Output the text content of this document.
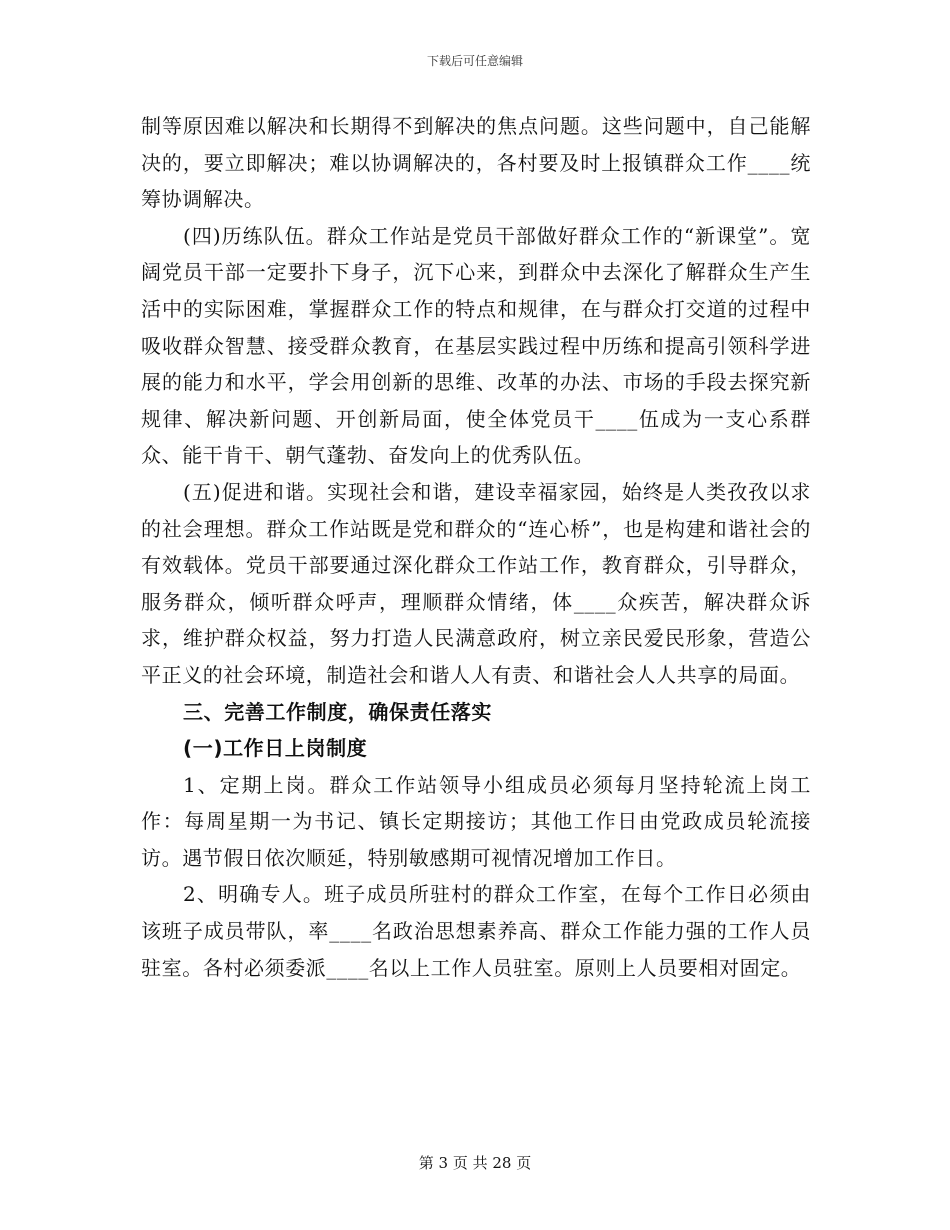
下载后可任意编辑

制等原因难以解决和长期得不到解决的焦点问题。这些问题中，自己能解决的，要立即解决；难以协调解决的，各村要及时上报镇群众工作____统筹协调解决。

(四)历练队伍。群众工作站是党员干部做好群众工作的“新课堂”。宽阔党员干部一定要扑下身子，沉下心来，到群众中去深化了解群众生产生活中的实际困难，掌握群众工作的特点和规律，在与群众打交道的过程中吸收群众智慧、接受群众教育，在基层实践过程中历练和提高引领科学进展的能力和水平，学会用创新的思维、改革的办法、市场的手段去探究新规律、解决新问题、开创新局面，使全体党员干____伍成为一支心系群众、能干肯干、朝气蓬勃、奋发向上的优秀队伍。

(五)促进和谐。实现社会和谐，建设幸福家园，始终是人类孜孜以求的社会理想。群众工作站既是党和群众的“连心桥”，也是构建和谐社会的有效载体。党员干部要通过深化群众工作站工作，教育群众，引导群众，服务群众，倾听群众呼声，理顺群众情绪，体____众疾苦，解决群众诉求，维护群众权益，努力打造人民满意政府，树立亲民爱民形象，营造公平正义的社会环境，制造社会和谐人人有责、和谐社会人人共享的局面。

三、完善工作制度，确保责任落实

(一)工作日上岗制度

1、定期上岗。群众工作站领导小组成员必须每月坚持轮流上岗工作：每周星期一为书记、镇长定期接访；其他工作日由党政成员轮流接访。遇节假日依次顺延，特别敏感期可视情况增加工作日。

2、明确专人。班子成员所驻村的群众工作室，在每个工作日必须由该班子成员带队，率____名政治思想素养高、群众工作能力强的工作人员驻室。各村必须委派____名以上工作人员驻室。原则上人员要相对固定。

第 3 页 共 28 页
